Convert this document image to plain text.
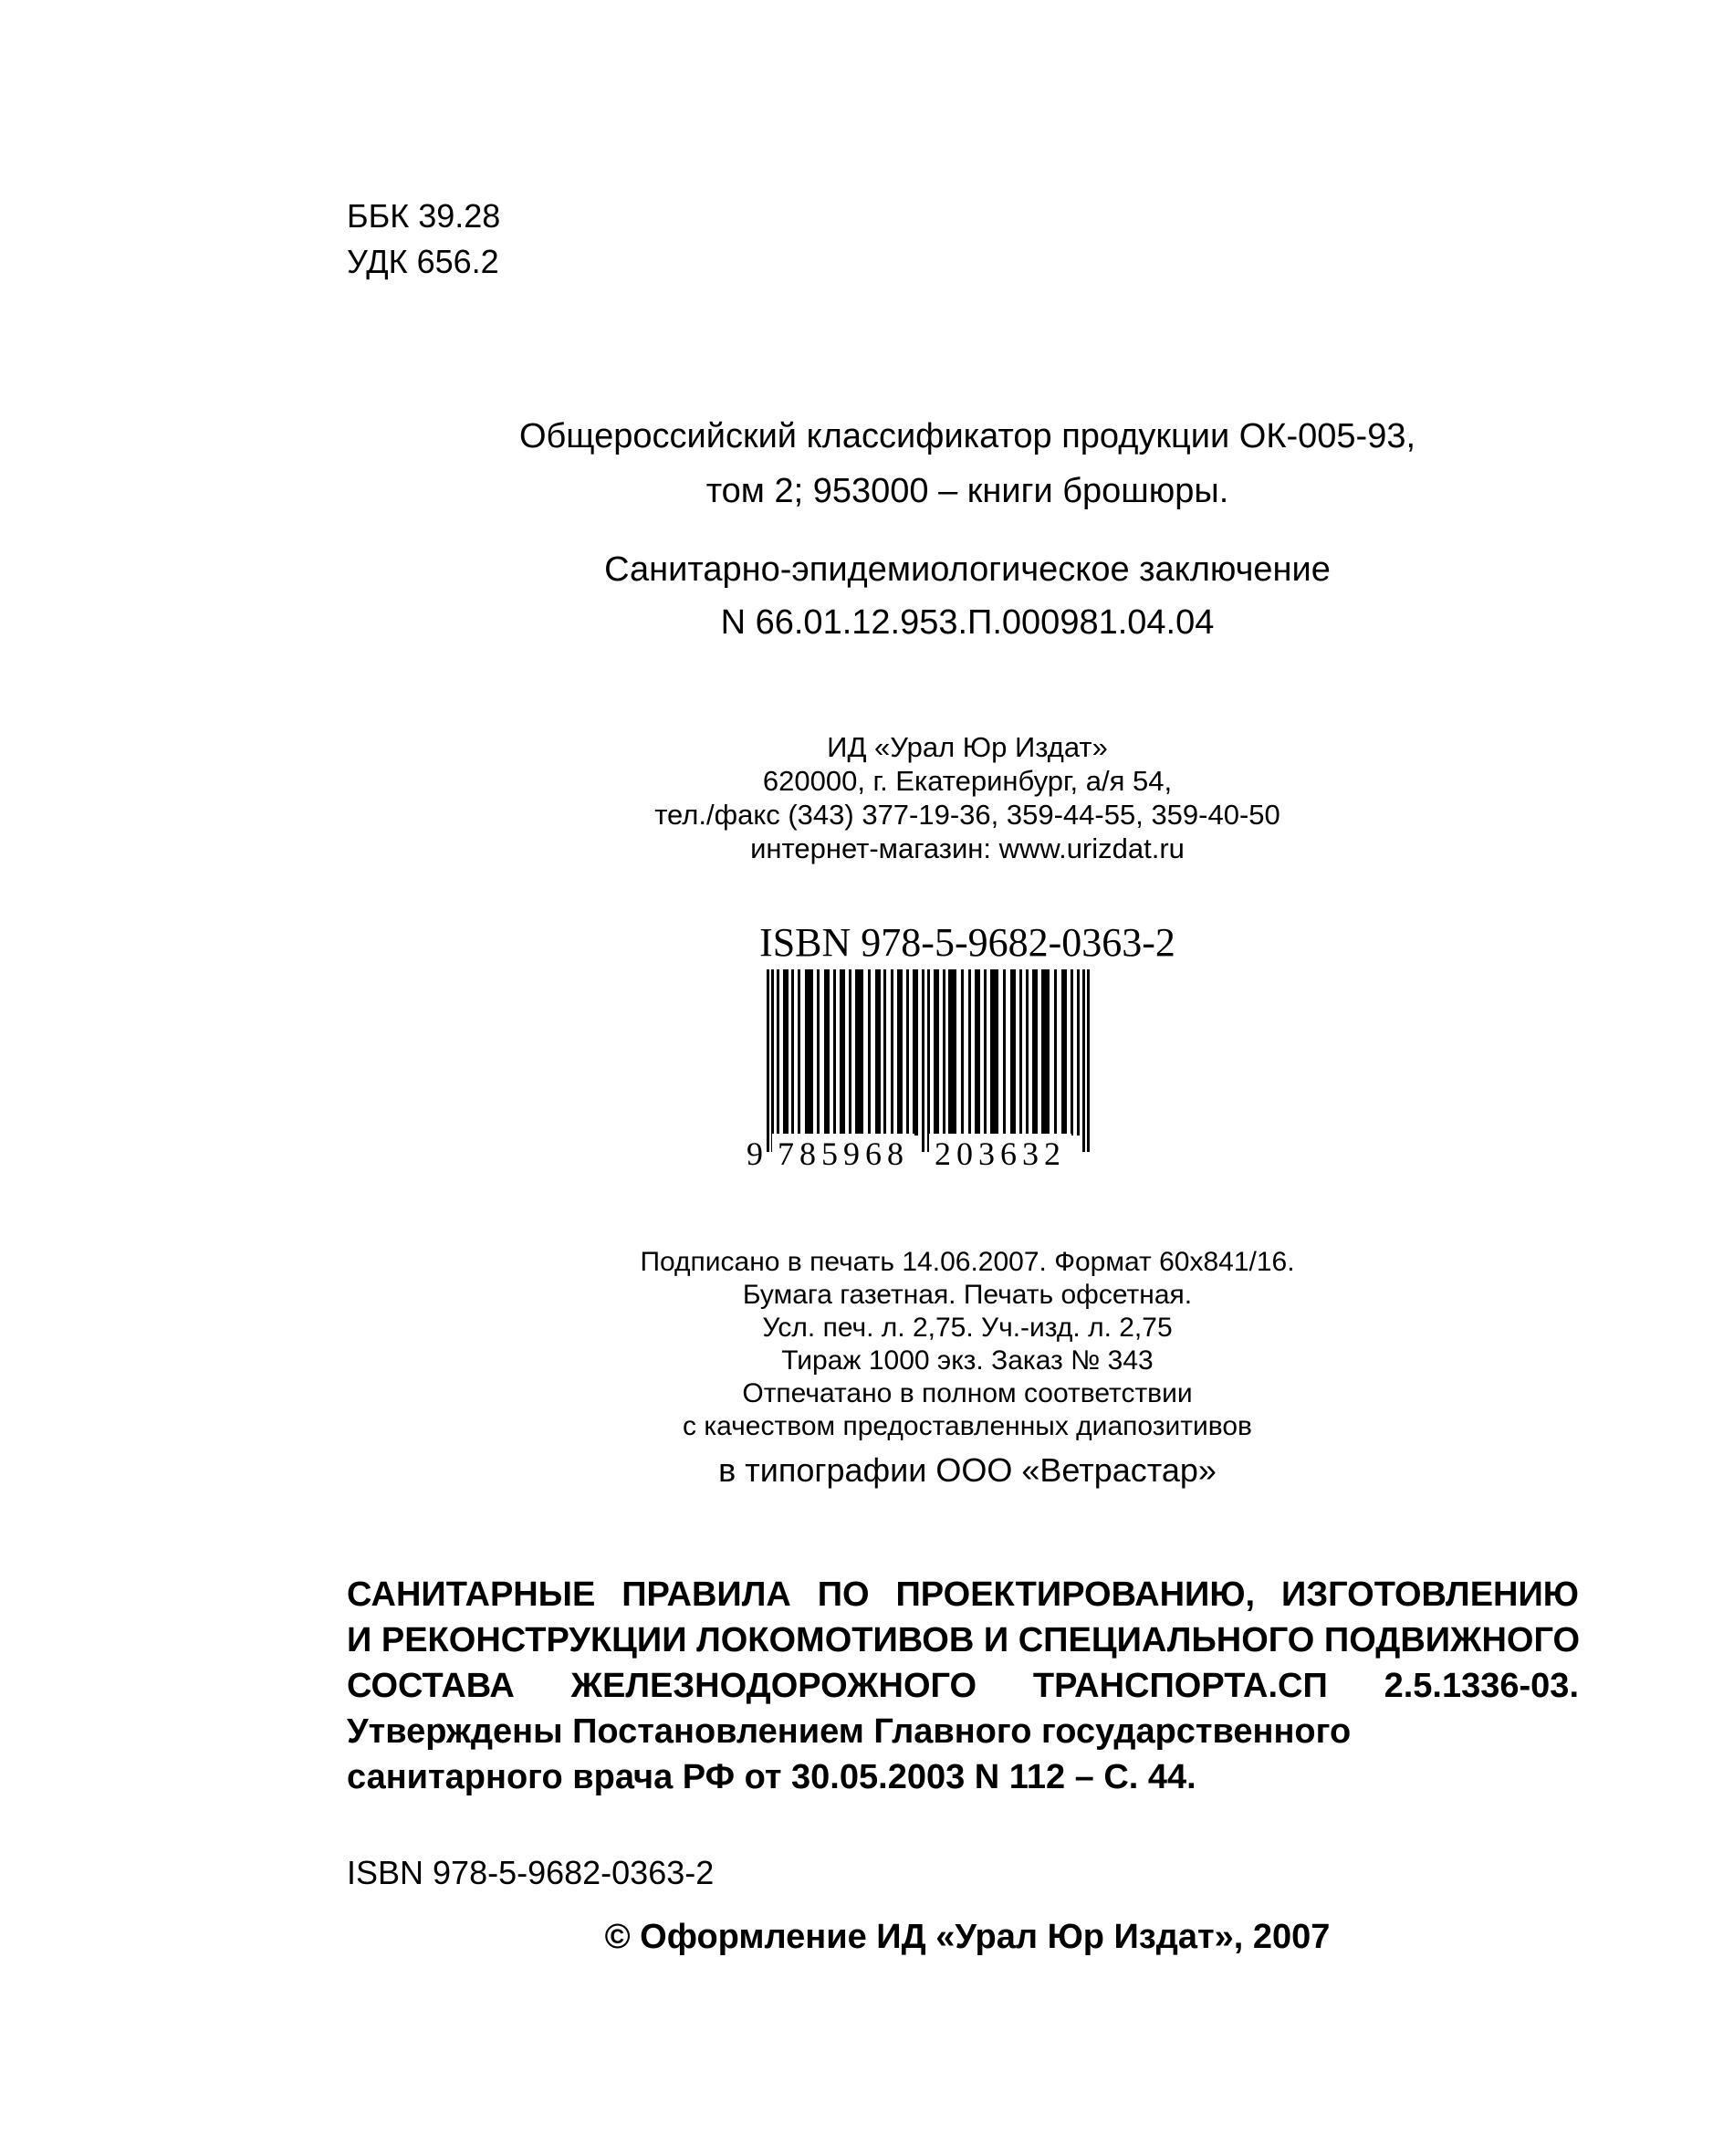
ББК 39.28
УДК 656.2
Общероссийский классификатор продукции ОК-005-93,
том 2; 953000 – книги брошюры.
Санитарно-эпидемиологическое заключение
N 66.01.12.953.П.000981.04.04
ИД «Урал Юр Издат»
620000, г. Екатеринбург, а/я 54,
тел./факс (343) 377-19-36, 359-44-55, 359-40-50
интернет-магазин: www.urizdat.ru
ISBN 978-5-9682-0363-2
9 785968 203632
Подписано в печать 14.06.2007. Формат 60х841/16.
Бумага газетная. Печать офсетная.
Усл. печ. л. 2,75. Уч.-изд. л. 2,75
Тираж 1000 экз. Заказ № 343
Отпечатано в полном соответствии
с качеством предоставленных диапозитивов
в типографии ООО «Ветрастар»
САНИТАРНЫЕ ПРАВИЛА ПО ПРОЕКТИРОВАНИЮ, ИЗГОТОВЛЕНИЮ
И РЕКОНСТРУКЦИИ ЛОКОМОТИВОВ И СПЕЦИАЛЬНОГО ПОДВИЖНОГО
СОСТАВА ЖЕЛЕЗНОДОРОЖНОГО ТРАНСПОРТА.СП 2.5.1336-03.
Утверждены Постановлением Главного государственного
санитарного врача РФ от 30.05.2003 N 112 – С. 44.
ISBN 978-5-9682-0363-2
© Оформление ИД «Урал Юр Издат», 2007
